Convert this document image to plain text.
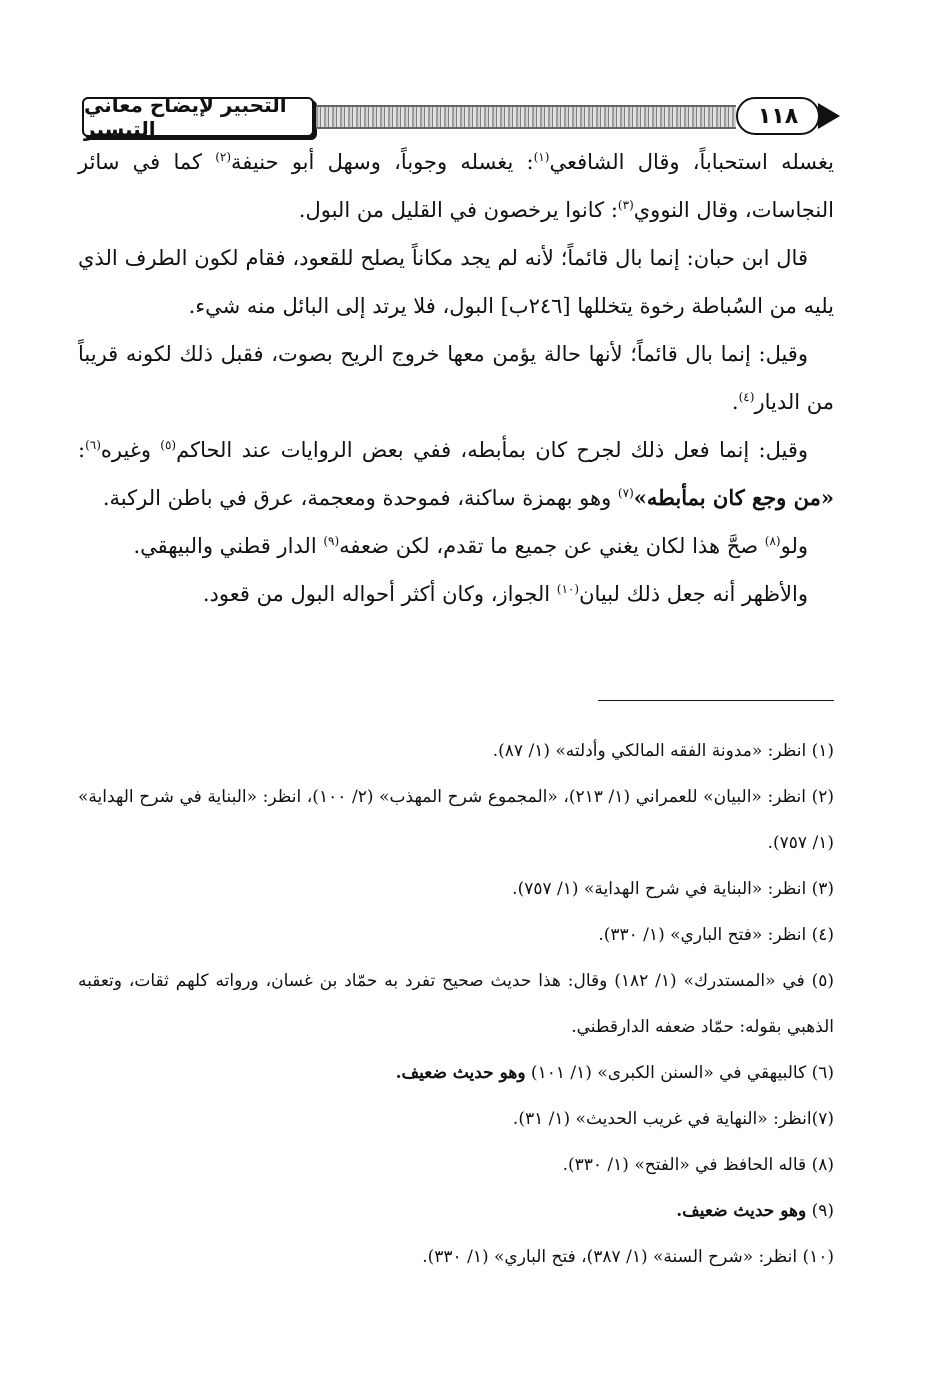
التحبير لإيضاح معاني التيسير
١١٨

يغسله استحباباً، وقال الشافعي$^{(١)}$: يغسله وجوباً، وسهل أبو حنيفة$^{(٢)}$ كما في سائر النجاسات، وقال النووي$^{(٣)}$: كانوا يرخصون في القليل من البول.

قال ابن حبان: إنما بال قائماً؛ لأنه لم يجد مكاناً يصلح للقعود، فقام لكون الطرف الذي يليه من السُباطة رخوة يتخللها [٢٤٦ب] البول، فلا يرتد إلى البائل منه شيء.

وقيل: إنما بال قائماً؛ لأنها حالة يؤمن معها خروج الريح بصوت، فقبل ذلك لكونه قريباً من الديار$^{(٤)}$.

وقيل: إنما فعل ذلك لجرح كان بمأبطه، ففي بعض الروايات عند الحاكم$^{(٥)}$ وغيره$^{(٦)}$: «من وجع كان بمأبطه»$^{(٧)}$ وهو بهمزة ساكنة، فموحدة ومعجمة، عرق في باطن الركبة.

ولو$^{(٨)}$ صحَّ هذا لكان يغني عن جميع ما تقدم، لكن ضعفه$^{(٩)}$ الدار قطني والبيهقي.

والأظهر أنه جعل ذلك لبيان$^{(١٠)}$ الجواز، وكان أكثر أحواله البول من قعود.

(١) انظر: «مدونة الفقه المالكي وأدلته» (١/ ٨٧).

(٢) انظر: «البيان» للعمراني (١/ ٢١٣)، «المجموع شرح المهذب» (٢/ ١٠٠)، انظر: «البناية في شرح الهداية» (١/ ٧٥٧).

(٣) انظر: «البناية في شرح الهداية» (١/ ٧٥٧).

(٤) انظر: «فتح الباري» (١/ ٣٣٠).

(٥) في «المستدرك» (١/ ١٨٢) وقال: هذا حديث صحيح تفرد به حمّاد بن غسان، ورواته كلهم ثقات، وتعقبه الذهبي بقوله: حمّاد ضعفه الدارقطني.

(٦) كالبيهقي في «السنن الكبرى» (١/ ١٠١) وهو حديث ضعيف.

(٧)انظر: «النهاية في غريب الحديث» (١/ ٣١).

(٨) قاله الحافظ في «الفتح» (١/ ٣٣٠).

(٩) وهو حديث ضعيف.

(١٠) انظر: «شرح السنة» (١/ ٣٨٧)، فتح الباري» (١/ ٣٣٠).
